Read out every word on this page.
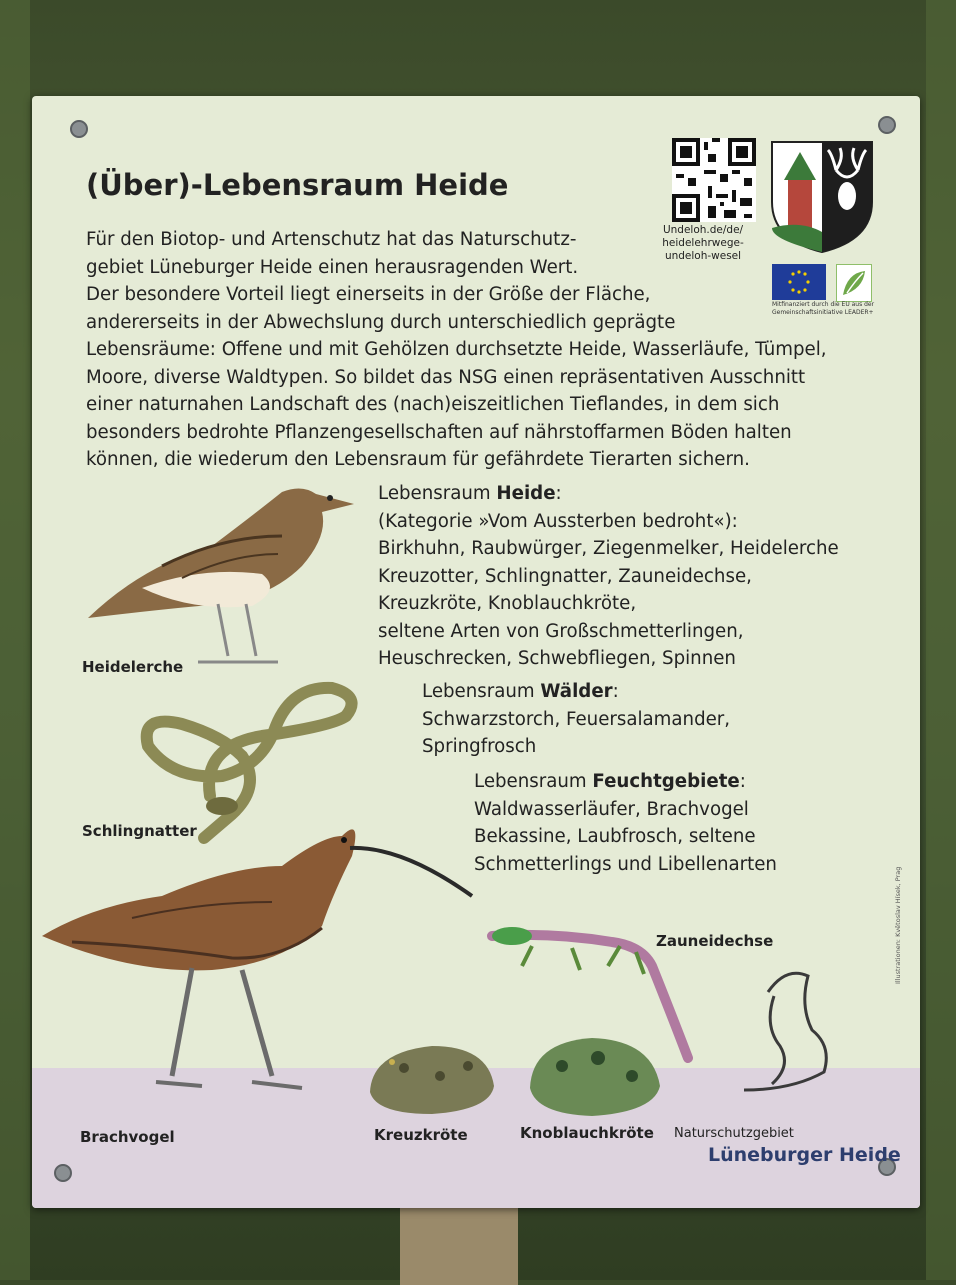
(Über)-Lebensraum Heide

Für den Biotop- und Artenschutz hat das Naturschutz-

gebiet Lüneburger Heide einen herausragenden Wert.

Der besondere Vorteil liegt einerseits in der Größe der Fläche,

andererseits in der Abwechslung durch unterschiedlich geprägte

Lebensräume: Offene und mit Gehölzen durchsetzte Heide, Wasserläufe, Tümpel,

Moore, diverse Waldtypen. So bildet das NSG einen repräsentativen Ausschnitt

einer naturnahen Landschaft des (nach)eiszeitlichen Tieflandes, in dem sich

besonders bedrohte Pflanzengesellschaften auf nährstoffarmen Böden halten

können, die wiederum den Lebensraum für gefährdete Tierarten sichern.

Undeloh.de/de/
heidelehrwege-
undeloh-wesel
Mitfinanziert durch die EU aus der Gemeinschaftsinitiative LEADER+

Lebensraum Heide:

(Kategorie »Vom Aussterben bedroht«):

Birkhuhn, Raubwürger, Ziegenmelker, Heidelerche

Kreuzotter, Schlingnatter, Zauneidechse,

Kreuzkröte, Knoblauchkröte,

seltene Arten von Großschmetterlingen,

Heuschrecken, Schwebfliegen, Spinnen

Lebensraum Wälder:

Schwarzstorch, Feuersalamander,

Springfrosch

Lebensraum Feuchtgebiete:

Waldwasserläufer, Brachvogel

Bekassine, Laubfrosch, seltene

Schmetterlings und Libellenarten

Heidelerche
Schlingnatter
Brachvogel	Kreuzkröte	Knoblauchkröte
Zauneidechse
Naturschutzgebiet
Lüneburger Heide
Illustrationen: Květoslav Hísek, Prag
